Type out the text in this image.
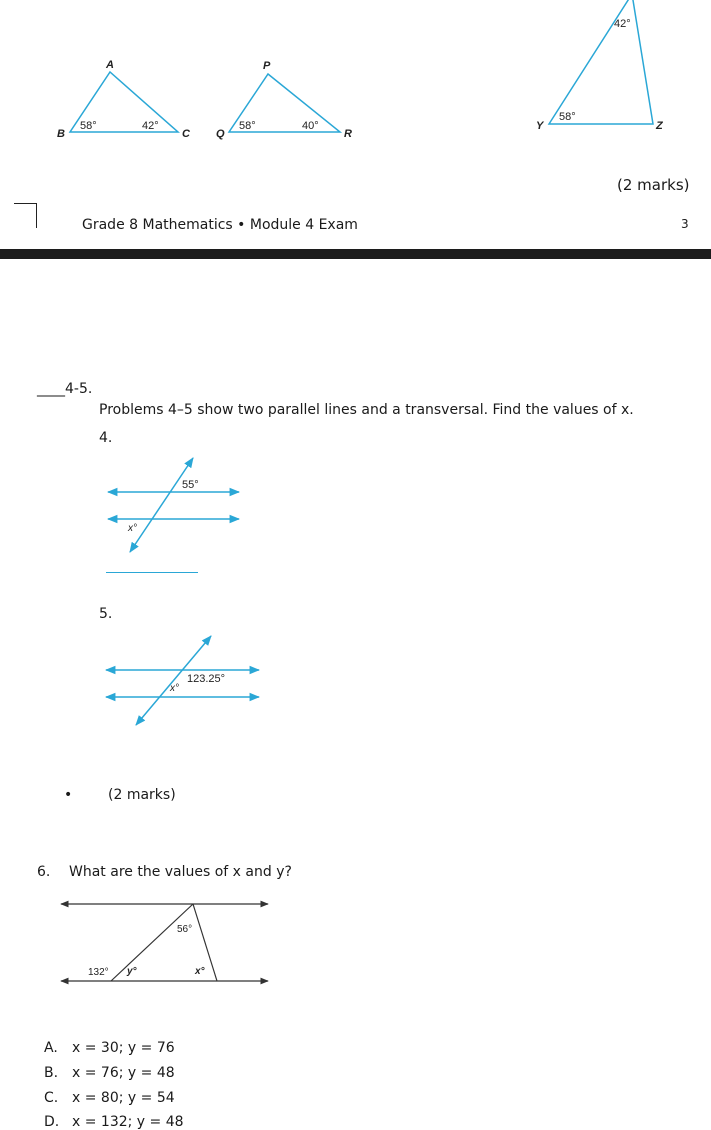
A
B	C
58°	42°
P
Q	R
58°	40°
42°
58°
Y	Z
(2 marks)
Grade 8 Mathematics • Module 4 Exam	3
____4-5.
Problems 4–5 show two parallel lines and a transversal. Find the values of x.
4.
55°
x°
5.
123.25°
x°
•	(2 marks)
6. What are the values of x and y?
56°
132° y°	x°
A. x = 30; y = 76
B. x = 76; y = 48
C. x = 80; y = 54
D. x = 132; y = 48
